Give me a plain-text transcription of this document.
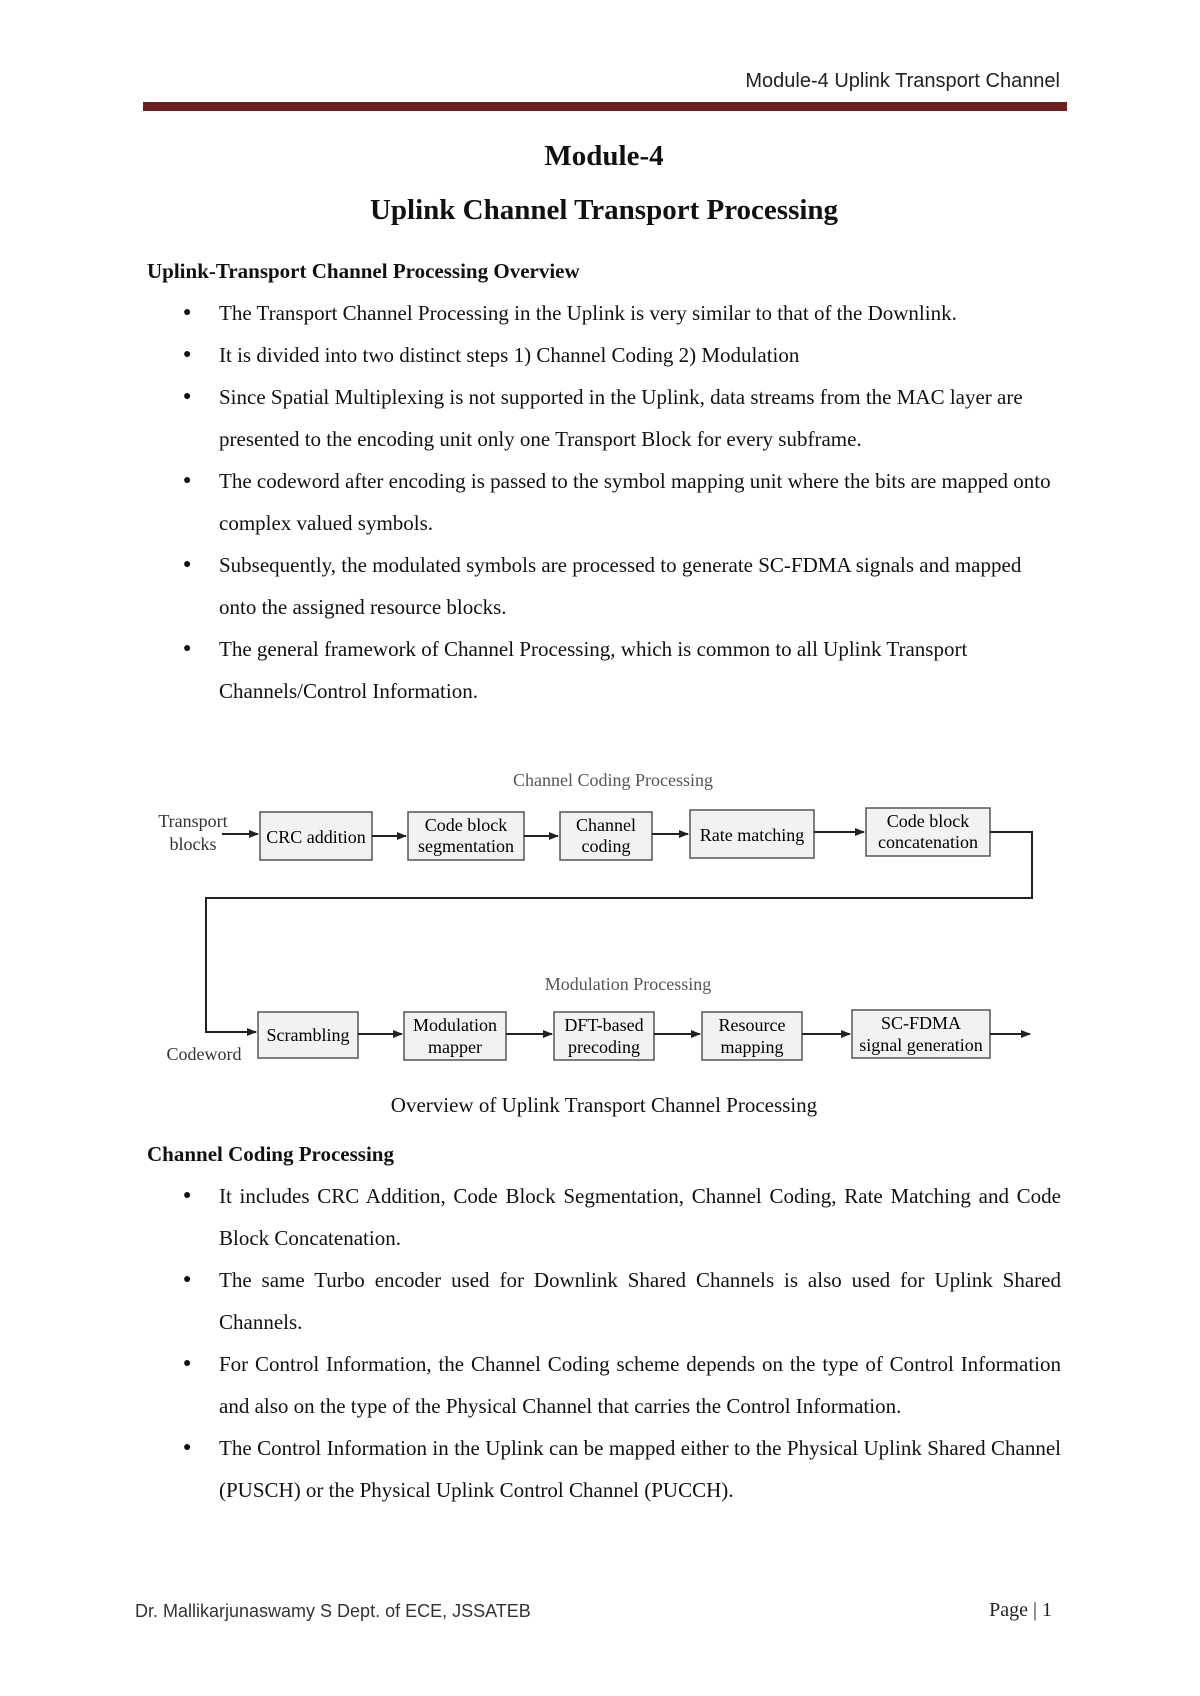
Module-4 Uplink Transport Channel
Module-4
Uplink Channel Transport Processing
Uplink-Transport Channel Processing Overview
● The Transport Channel Processing in the Uplink is very similar to that of the Downlink.
● It is divided into two distinct steps 1) Channel Coding 2) Modulation
● Since Spatial Multiplexing is not supported in the Uplink, data streams from the MAC layer are presented to the encoding unit only one Transport Block for every subframe.
● The codeword after encoding is passed to the symbol mapping unit where the bits are mapped onto complex valued symbols.
● Subsequently, the modulated symbols are processed to generate SC-FDMA signals and mapped onto the assigned resource blocks.
● The general framework of Channel Processing, which is common to all Uplink Transport Channels/Control Information.
Channel Coding Processing
Transport
blocks	CRC addition
Code block
segmentation
Channel
coding
Rate matching
Code block
concatenation
Modulation Processing
Codeword
Scrambling	Modulation
mapper
DFT-based
precoding
Resource
mapping
SC-FDMA
signal generation
Overview of Uplink Transport Channel Processing
Channel Coding Processing
● It includes CRC Addition, Code Block Segmentation, Channel Coding, Rate Matching and Code Block Concatenation.
● The same Turbo encoder used for Downlink Shared Channels is also used for Uplink Shared Channels.
● For Control Information, the Channel Coding scheme depends on the type of Control Information and also on the type of the Physical Channel that carries the Control Information.
● The Control Information in the Uplink can be mapped either to the Physical Uplink Shared Channel (PUSCH) or the Physical Uplink Control Channel (PUCCH).
Dr. Mallikarjunaswamy S Dept. of ECE, JSSATEB	Page | 1
